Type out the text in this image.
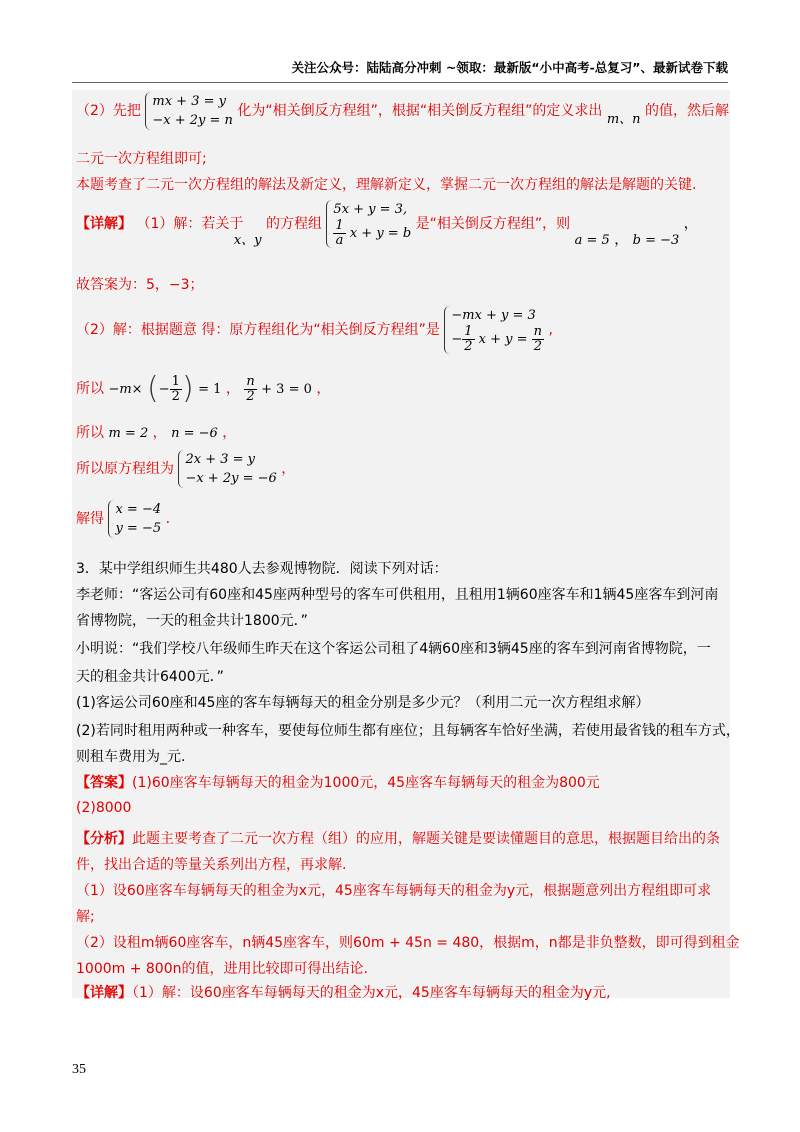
关注公众号：陆陆高分冲刺 ~领取：最新版“小中高考-总复习”、最新试卷下载
（2）先把
mx + 3 = y
−x + 2y = n
化为“相关倒反方程组”，根据“相关倒反方程组”的定义求出 m、n 的值，然后解
二元一次方程组即可;
本题考查了二元一次方程组的解法及新定义，理解新定义，掌握二元一次方程组的解法是解题的关键.
【详解】 （1）解：若关于 x、y 的方程组
5x + y = 3,
$\frac{1}{a}$ x + y = b
是“相关倒反方程组”，则 a = 5 ， b = −3 ，
故答案为：5，−3；
（2）解：根据题意 得：原方程组化为“相关倒反方程组”是
−mx + y = 3
− $\frac{1}{2}$ $x + y = \frac{n}{2}$ ,
所以 −m× (− $\frac{1}{2}$ ) = 1 ， $\frac{n}{2} + 3 = 0$ ，
所以 m = 2 ， n = −6 ，
所以原方程组为
2x + 3 = y
−x + 2y = −6
，
解得
x = −4
y = −5
.
3．某中学组织师生共480人去参观博物院．阅读下列对话：
李老师：“客运公司有60座和45座两种型号的客车可供租用，且租用1辆60座客车和1辆45座客车到河南
省博物院，一天的租金共计1800元．”
小明说：“我们学校八年级师生昨天在这个客运公司租了4辆60座和3辆45座的客车到河南省博物院，一
天的租金共计6400元．”
(1)客运公司60座和45座的客车每辆每天的租金分别是多少元？（利用二元一次方程组求解）
(2)若同时租用两种或一种客车，要使每位师生都有座位；且每辆客车恰好坐满，若使用最省钱的租车方式，
则租车费用为_元.
【答案】(1)60座客车每辆每天的租金为1000元，45座客车每辆每天的租金为800元
(2)8000
【分析】此题主要考查了二元一次方程（组）的应用，解题关键是要读懂题目的意思，根据题目给出的条
件，找出合适的等量关系列出方程，再求解.
（1）设60座客车每辆每天的租金为x元，45座客车每辆每天的租金为y元，根据题意列出方程组即可求
解;
（2）设租m辆60座客车，n辆45座客车，则60m + 45n = 480，根据m，n都是非负整数，即可得到租金
1000m + 800n的值，进用比较即可得出结论.
【详解】（1）解：设60座客车每辆每天的租金为x元，45座客车每辆每天的租金为y元,
35
